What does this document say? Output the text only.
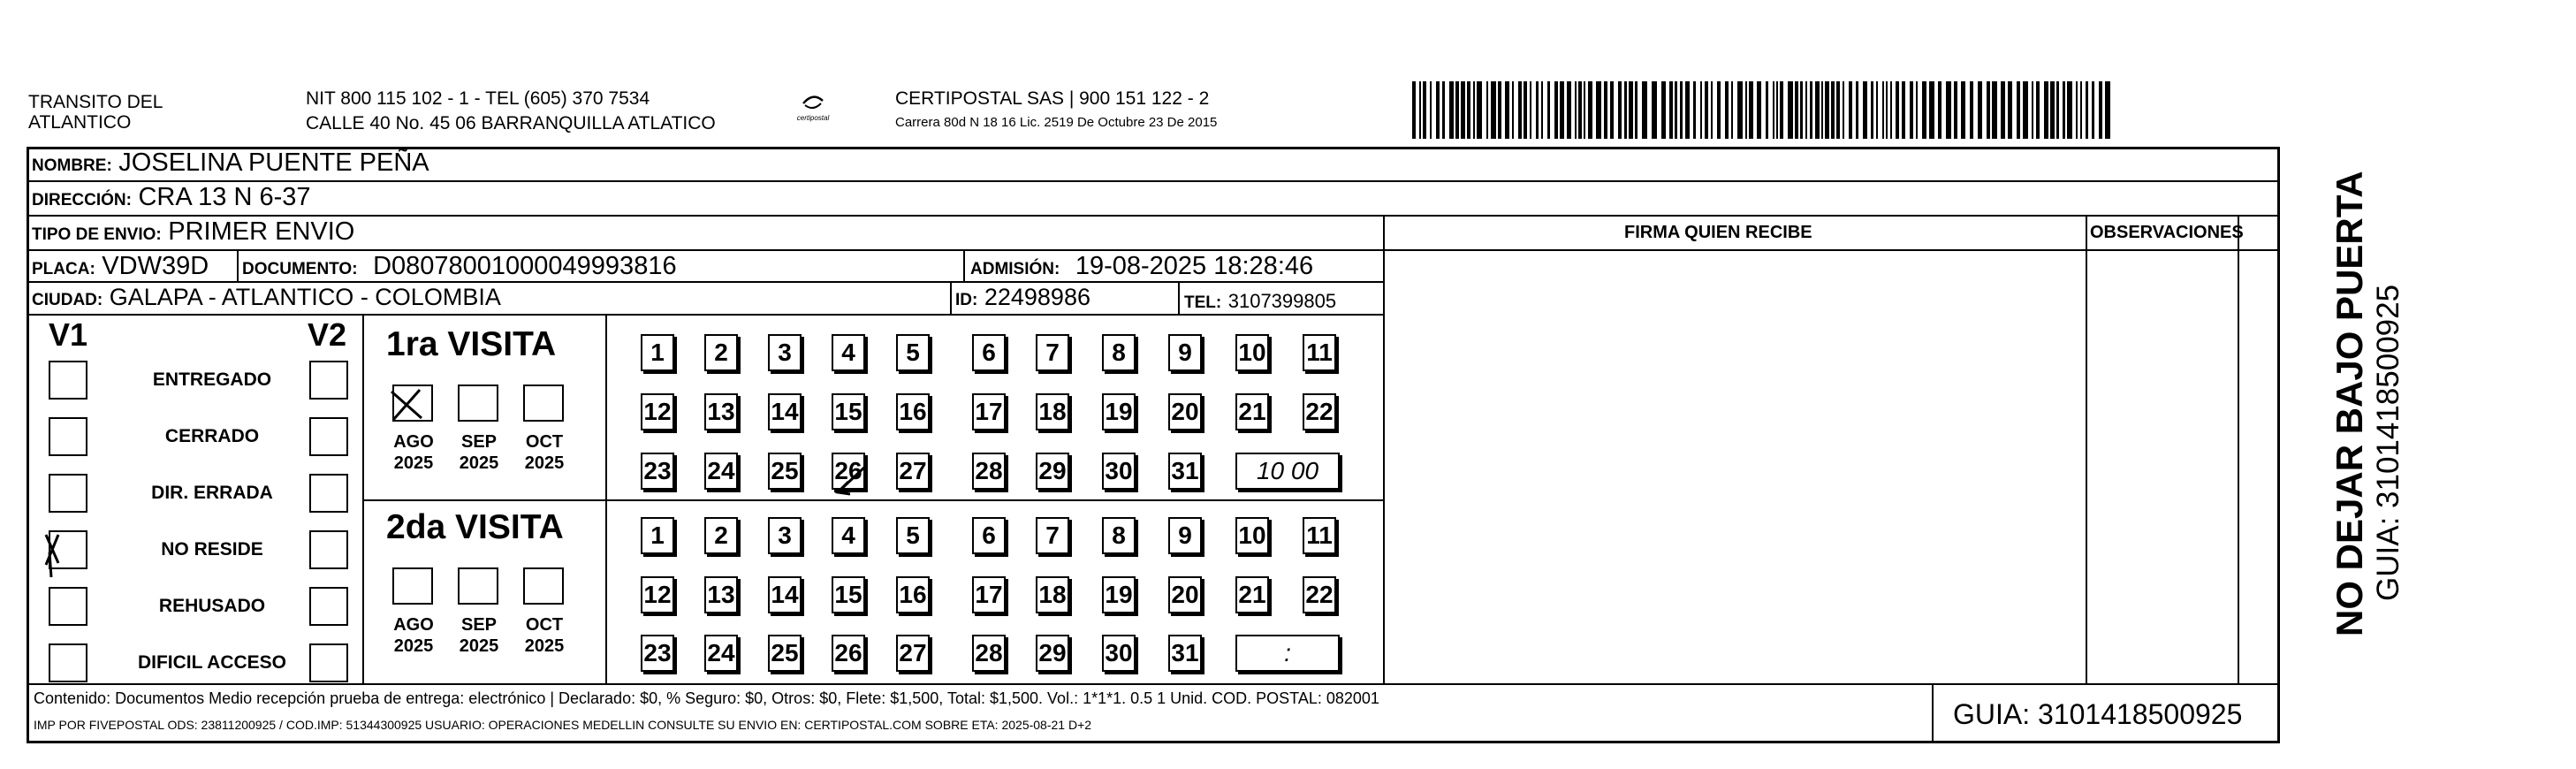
TRANSITO DEL
ATLANTICO
NIT 800 115 102 - 1 - TEL (605) 370 7534
CALLE 40 No. 45 06 BARRANQUILLA ATLATICO	certipostal
CERTIPOSTAL SAS | 900 151 122 - 2
Carrera 80d N 18 16 Lic. 2519 De Octubre 23 De 2015
NOMBRE: JOSELINA PUENTE PEÑA
DIRECCIÓN: CRA 13 N 6-37
TIPO DE ENVIO: PRIMER ENVIO	FIRMA QUIEN RECIBE	OBSERVACIONES
PLACA: VDW39D DOCUMENTO: D08078001000049993816	ADMISIÓN: 19-08-2025 18:28:46
CIUDAD: GALAPA - ATLANTICO - COLOMBIA	ID: 22498986	TEL: 3107399805
V1	V2
ENTREGADO
CERRADO
DIR. ERRADA
NO RESIDE
REHUSADO
DIFICIL ACCESO
1ra VISITA
2da VISITA
AGO
2025
SEP
2025
OCT
2025
AGO
2025
SEP
2025
OCT
2025
1	2	3	4	5	6	7	8	9	10 11
12 13 14 15 16 17 18 19 20 21 22
23 24 25 26 27 28 29 30 31	10 00
1	2	3	4	5	6	7	8	9	10 11
12 13 14 15 16 17 18 19 20 21 22
23 24 25 26 27 28 29 30 31	:
Contenido: Documentos Medio recepción prueba de entrega: electrónico | Declarado: $0, % Seguro: $0, Otros: $0, Flete: $1,500, Total: $1,500. Vol.: 1*1*1. 0.5 1 Unid. COD. POSTAL: 082001
IMP POR FIVEPOSTAL ODS: 23811200925 / COD.IMP: 51344300925 USUARIO: OPERACIONES MEDELLIN CONSULTE SU ENVIO EN: CERTIPOSTAL.COM SOBRE ETA: 2025-08-21 D+2	GUIA: 3101418500925
NO DEJAR BAJO PUERTA GUIA: 3101418500925
